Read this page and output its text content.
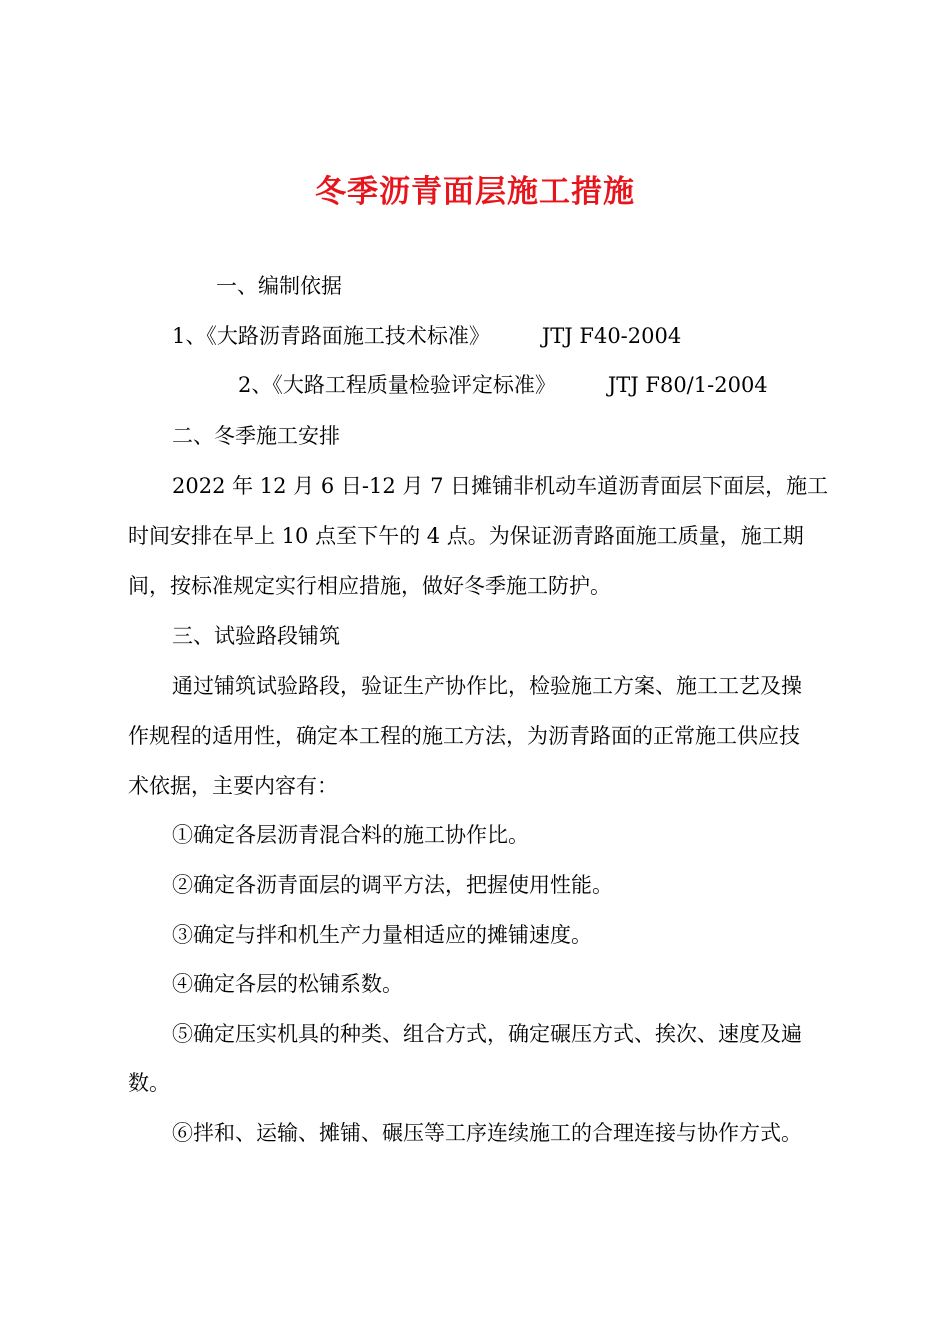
冬季沥青面层施工措施
一、编制依据
1、《大路沥青路面施工技术标准》 JTJ F40-2004
2、《大路工程质量检验评定标准》 JTJ F80/1-2004
二、冬季施工安排
2022 年 12 月 6 日-12 月 7 日摊铺非机动车道沥青面层下面层，施工
时间安排在早上 10 点至下午的 4 点。为保证沥青路面施工质量，施工期
间，按标准规定实行相应措施，做好冬季施工防护。
三、试验路段铺筑
通过铺筑试验路段，验证生产协作比，检验施工方案、施工工艺及操
作规程的适用性，确定本工程的施工方法，为沥青路面的正常施工供应技
术依据，主要内容有：
①确定各层沥青混合料的施工协作比。
②确定各沥青面层的调平方法，把握使用性能。
③确定与拌和机生产力量相适应的摊铺速度。
④确定各层的松铺系数。
⑤确定压实机具的种类、组合方式，确定碾压方式、挨次、速度及遍
数。
⑥拌和、运输、摊铺、碾压等工序连续施工的合理连接与协作方式。
